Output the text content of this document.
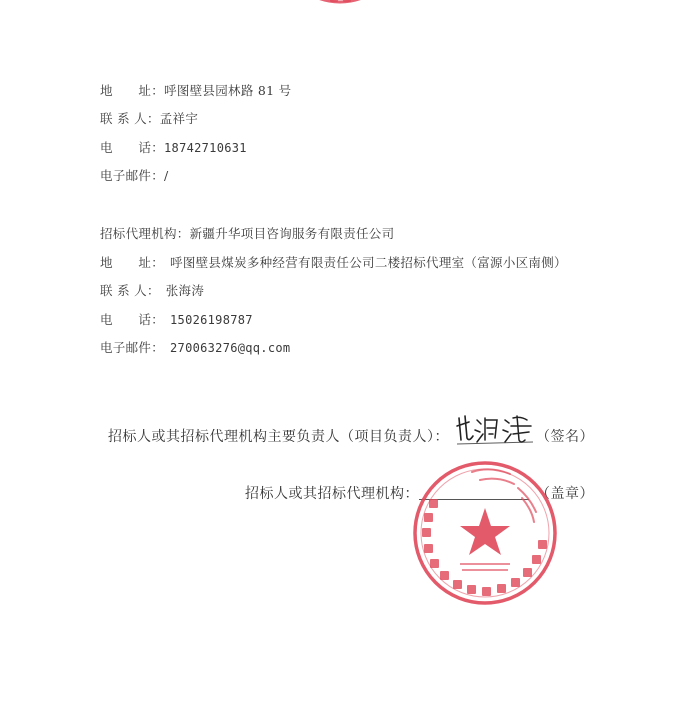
地　　址：呼图壁县园林路 81 号
联 系 人：孟祥宇
电　　话：18742710631
电子邮件：/
招标代理机构：新疆升华项目咨询服务有限责任公司
地　　址： 呼图壁县煤炭多种经营有限责任公司二楼招标代理室（富源小区南侧）
联 系 人： 张海涛
电　　话： 15026198787
电子邮件： 270063276@qq.com
招标人或其招标代理机构主要负责人（项目负责人）：	（签名）
招标人或其招标代理机构：	（盖章）
